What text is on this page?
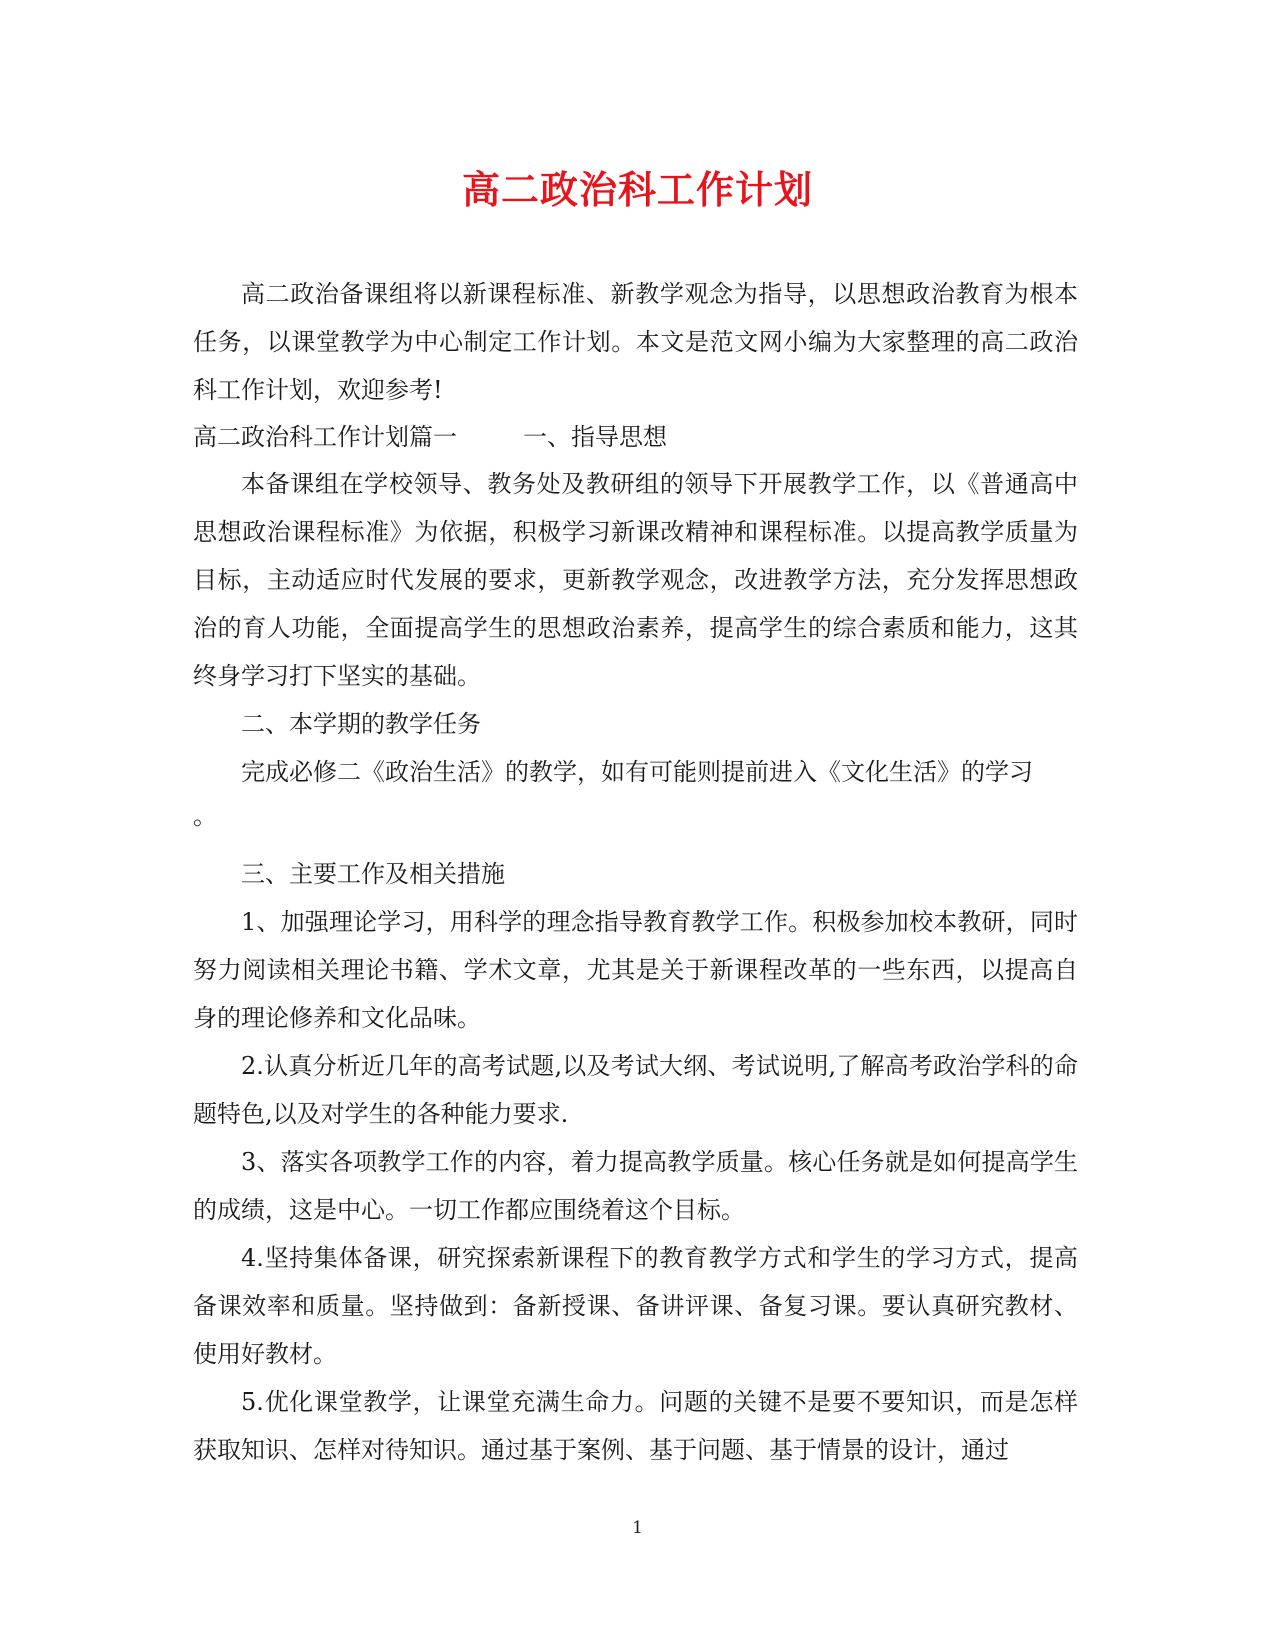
高二政治科工作计划

高二政治备课组将以新课程标准、新教学观念为指导，以思想政治教育为根本任务，以课堂教学为中心制定工作计划。本文是范文网小编为大家整理的高二政治科工作计划，欢迎参考!

高二政治科工作计划篇一	一、指导思想

本备课组在学校领导、教务处及教研组的领导下开展教学工作，以《普通高中思想政治课程标准》为依据，积极学习新课改精神和课程标准。以提高教学质量为目标，主动适应时代发展的要求，更新教学观念，改进教学方法，充分发挥思想政治的育人功能，全面提高学生的思想政治素养，提高学生的综合素质和能力，这其终身学习打下坚实的基础。

二、本学期的教学任务

完成必修二《政治生活》的教学，如有可能则提前进入《文化生活》的学习

。

三、主要工作及相关措施

1、加强理论学习，用科学的理念指导教育教学工作。积极参加校本教研，同时努力阅读相关理论书籍、学术文章，尤其是关于新课程改革的一些东西，以提高自身的理论修养和文化品味。

2.认真分析近几年的高考试题,以及考试大纲、考试说明,了解高考政治学科的命题特色,以及对学生的各种能力要求.

3、落实各项教学工作的内容，着力提高教学质量。核心任务就是如何提高学生的成绩，这是中心。一切工作都应围绕着这个目标。

4.坚持集体备课，研究探索新课程下的教育教学方式和学生的学习方式，提高备课效率和质量。坚持做到：备新授课、备讲评课、备复习课。要认真研究教材、使用好教材。

5.优化课堂教学，让课堂充满生命力。问题的关键不是要不要知识，而是怎样获取知识、怎样对待知识。通过基于案例、基于问题、基于情景的设计，通过

1
